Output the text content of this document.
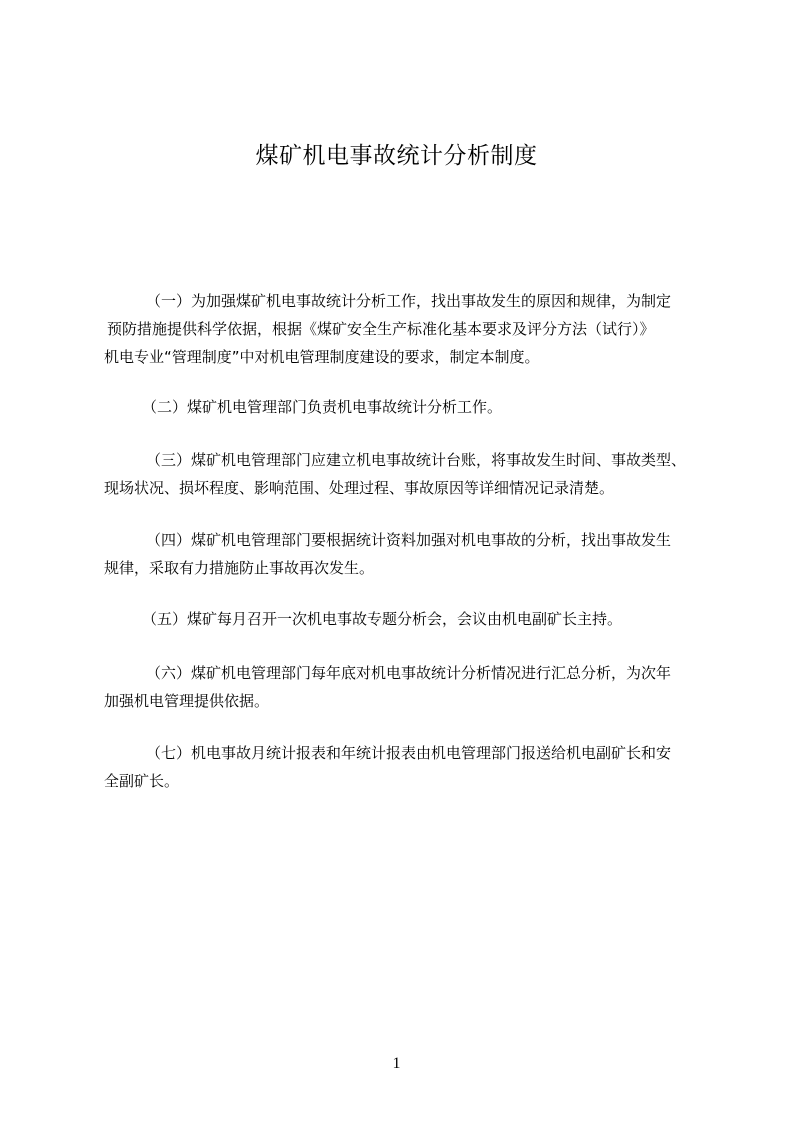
煤矿机电事故统计分析制度
（一）为加强煤矿机电事故统计分析工作，找出事故发生的原因和规律，为制定
预防措施提供科学依据，根据《煤矿安全生产标准化基本要求及评分方法（试行）》
机电专业“管理制度”中对机电管理制度建设的要求，制定本制度。
（二）煤矿机电管理部门负责机电事故统计分析工作。
（三）煤矿机电管理部门应建立机电事故统计台账，将事故发生时间、事故类型、
现场状况、损坏程度、影响范围、处理过程、事故原因等详细情况记录清楚。
（四）煤矿机电管理部门要根据统计资料加强对机电事故的分析，找出事故发生
规律，采取有力措施防止事故再次发生。
（五）煤矿每月召开一次机电事故专题分析会，会议由机电副矿长主持。
（六）煤矿机电管理部门每年底对机电事故统计分析情况进行汇总分析，为次年
加强机电管理提供依据。
（七）机电事故月统计报表和年统计报表由机电管理部门报送给机电副矿长和安
全副矿长。
1
